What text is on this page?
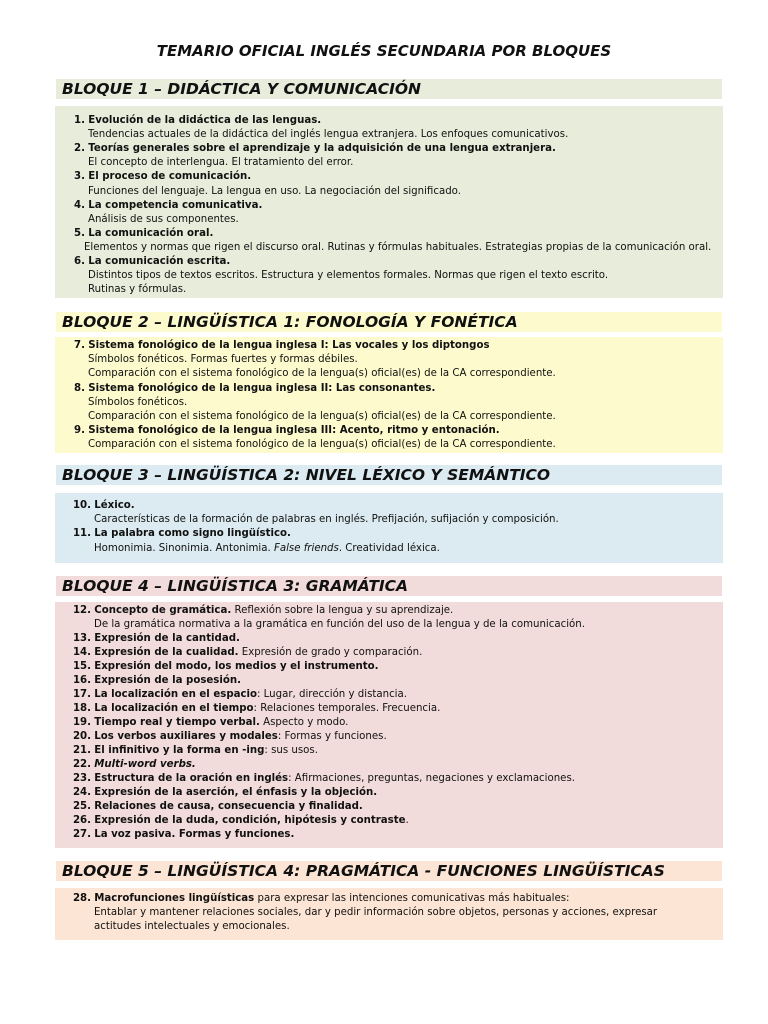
TEMARIO OFICIAL INGLÉS SECUNDARIA POR BLOQUES
BLOQUE 1 – DIDÁCTICA Y COMUNICACIÓN
1. Evolución de la didáctica de las lenguas.
Tendencias actuales de la didáctica del inglés lengua extranjera. Los enfoques comunicativos.
2. Teorías generales sobre el aprendizaje y la adquisición de una lengua extranjera.
El concepto de interlengua. El tratamiento del error.
3. El proceso de comunicación.
Funciones del lenguaje. La lengua en uso. La negociación del significado.
4. La competencia comunicativa.
Análisis de sus componentes.
5. La comunicación oral.
Elementos y normas que rigen el discurso oral. Rutinas y fórmulas habituales. Estrategias propias de la comunicación oral.
6. La comunicación escrita.
Distintos tipos de textos escritos. Estructura y elementos formales. Normas que rigen el texto escrito.
Rutinas y fórmulas.
BLOQUE 2 – LINGÜÍSTICA 1: FONOLOGÍA Y FONÉTICA
7. Sistema fonológico de la lengua inglesa I: Las vocales y los diptongos
Símbolos fonéticos. Formas fuertes y formas débiles.
Comparación con el sistema fonológico de la lengua(s) oficial(es) de la CA correspondiente.
8. Sistema fonológico de la lengua inglesa II: Las consonantes.
Símbolos fonéticos.
Comparación con el sistema fonológico de la lengua(s) oficial(es) de la CA correspondiente.
9. Sistema fonológico de la lengua inglesa III: Acento, ritmo y entonación.
Comparación con el sistema fonológico de la lengua(s) oficial(es) de la CA correspondiente.
BLOQUE 3 – LINGÜÍSTICA 2: NIVEL LÉXICO Y SEMÁNTICO
10. Léxico.
Características de la formación de palabras en inglés. Prefijación, sufijación y composición.
11. La palabra como signo lingüístico.
Homonimia. Sinonimia. Antonimia. False friends. Creatividad léxica.
BLOQUE 4 – LINGÜÍSTICA 3: GRAMÁTICA
12. Concepto de gramática. Reflexión sobre la lengua y su aprendizaje.
De la gramática normativa a la gramática en función del uso de la lengua y de la comunicación.
13. Expresión de la cantidad.
14. Expresión de la cualidad. Expresión de grado y comparación.
15. Expresión del modo, los medios y el instrumento.
16. Expresión de la posesión.
17. La localización en el espacio: Lugar, dirección y distancia.
18. La localización en el tiempo: Relaciones temporales. Frecuencia.
19. Tiempo real y tiempo verbal. Aspecto y modo.
20. Los verbos auxiliares y modales: Formas y funciones.
21. El infinitivo y la forma en -ing: sus usos.
22. Multi-word verbs.
23. Estructura de la oración en inglés: Afirmaciones, preguntas, negaciones y exclamaciones.
24. Expresión de la aserción, el énfasis y la objeción.
25. Relaciones de causa, consecuencia y finalidad.
26. Expresión de la duda, condición, hipótesis y contraste.
27. La voz pasiva. Formas y funciones.
BLOQUE 5 – LINGÜÍSTICA 4: PRAGMÁTICA - FUNCIONES LINGÜÍSTICAS
28. Macrofunciones lingüísticas para expresar las intenciones comunicativas más habituales:
Entablar y mantener relaciones sociales, dar y pedir información sobre objetos, personas y acciones, expresar
actitudes intelectuales y emocionales.
